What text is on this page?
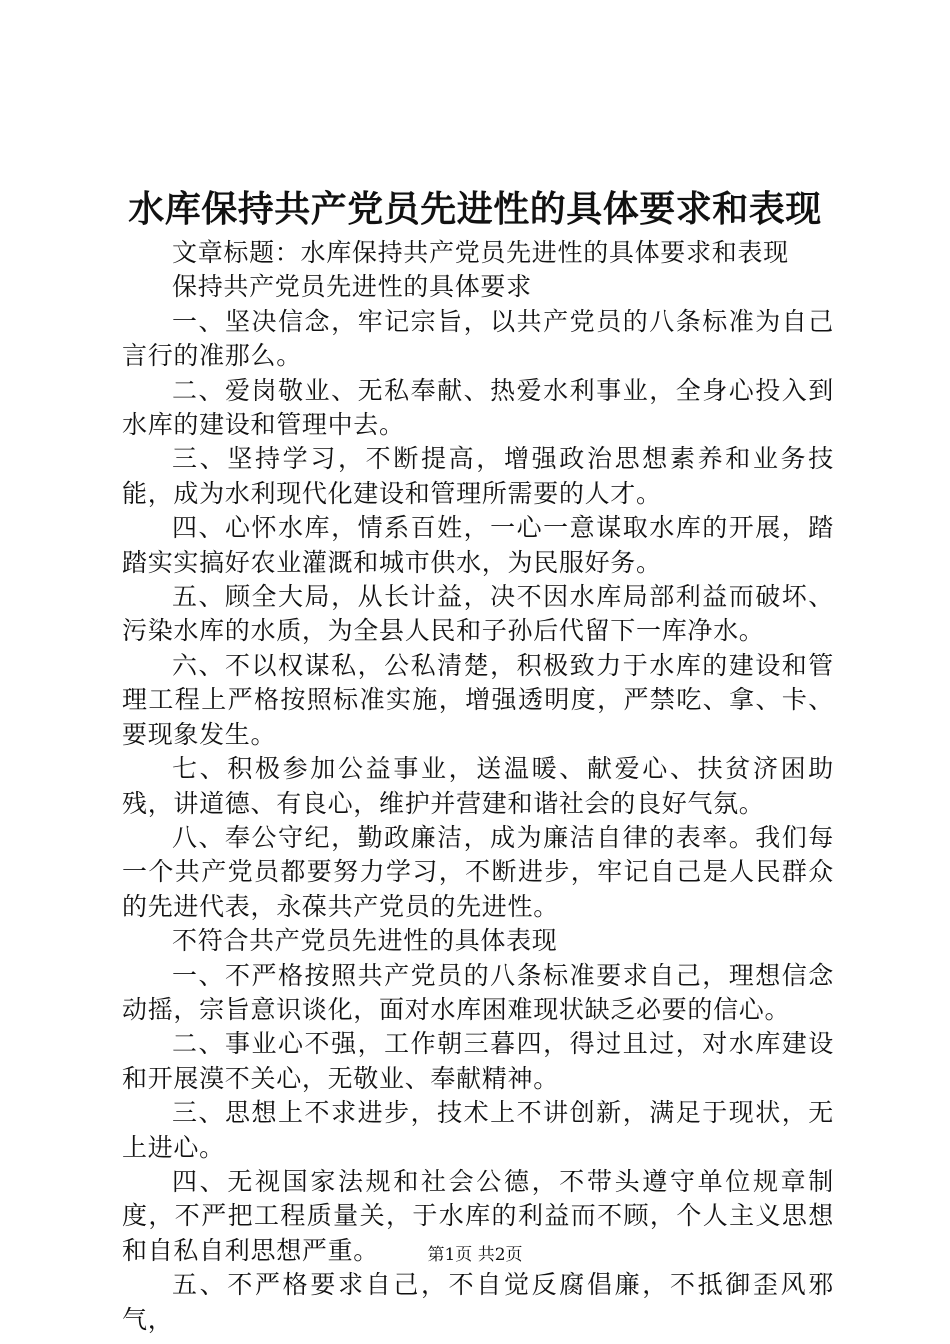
水库保持共产党员先进性的具体要求和表现

文章标题：水库保持共产党员先进性的具体要求和表现

保持共产党员先进性的具体要求

一、坚决信念，牢记宗旨，以共产党员的八条标准为自己言行的准那么。

二、爱岗敬业、无私奉献、热爱水利事业，全身心投入到水库的建设和管理中去。

三、坚持学习，不断提高，增强政治思想素养和业务技能，成为水利现代化建设和管理所需要的人才。

四、心怀水库，情系百姓，一心一意谋取水库的开展，踏踏实实搞好农业灌溉和城市供水，为民服好务。

五、顾全大局，从长计益，决不因水库局部利益而破坏、污染水库的水质，为全县人民和子孙后代留下一库净水。

六、不以权谋私，公私清楚，积极致力于水库的建设和管理工程上严格按照标准实施，增强透明度，严禁吃、拿、卡、要现象发生。

七、积极参加公益事业，送温暖、献爱心、扶贫济困助残，讲道德、有良心，维护并营建和谐社会的良好气氛。

八、奉公守纪，勤政廉洁，成为廉洁自律的表率。我们每一个共产党员都要努力学习，不断进步，牢记自己是人民群众的先进代表，永葆共产党员的先进性。

不符合共产党员先进性的具体表现

一、不严格按照共产党员的八条标准要求自己，理想信念动摇，宗旨意识谈化，面对水库困难现状缺乏必要的信心。

二、事业心不强，工作朝三暮四，得过且过，对水库建设和开展漠不关心，无敬业、奉献精神。

三、思想上不求进步，技术上不讲创新，满足于现状，无上进心。

四、无视国家法规和社会公德，不带头遵守单位规章制度，不严把工程质量关，于水库的利益而不顾，个人主义思想和自私自利思想严重。

五、不严格要求自己，不自觉反腐倡廉，不抵御歪风邪气，

第1页 共2页
